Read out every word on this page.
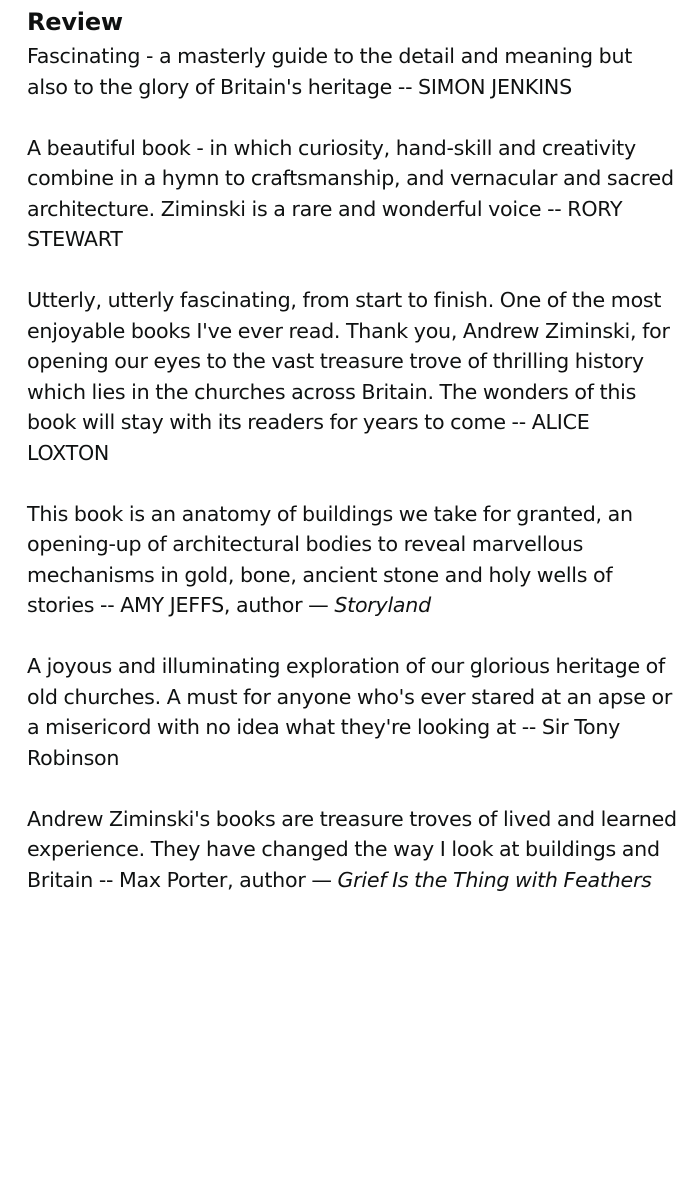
Review

Fascinating - a masterly guide to the detail and meaning but also to the glory of Britain's heritage -- SIMON JENKINS

A beautiful book - in which curiosity, hand-skill and creativity combine in a hymn to craftsmanship, and vernacular and sacred architecture. Ziminski is a rare and wonderful voice -- RORY STEWART

Utterly, utterly fascinating, from start to finish. One of the most enjoyable books I've ever read. Thank you, Andrew Ziminski, for opening our eyes to the vast treasure trove of thrilling history which lies in the churches across Britain. The wonders of this book will stay with its readers for years to come -- ALICE LOXTON

This book is an anatomy of buildings we take for granted, an opening-up of architectural bodies to reveal marvellous mechanisms in gold, bone, ancient stone and holy wells of stories -- AMY JEFFS, author — Storyland

A joyous and illuminating exploration of our glorious heritage of old churches. A must for anyone who's ever stared at an apse or a misericord with no idea what they're looking at -- Sir Tony Robinson

Andrew Ziminski's books are treasure troves of lived and learned experience. They have changed the way I look at buildings and Britain -- Max Porter, author — Grief Is the Thing with Feathers
